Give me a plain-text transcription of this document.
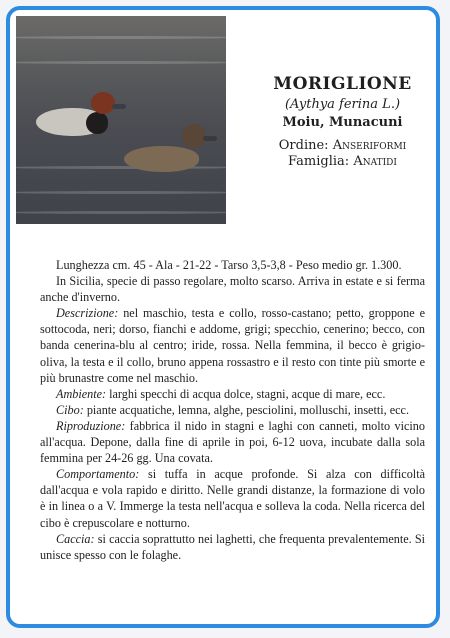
MORIGLIONE
(Aythya ferina L.)
Moiu, Munacuni
Ordine: Anseriformi
Famiglia: Anatidi

Lunghezza cm. 45 - Ala - 21-22 - Tarso 3,5-3,8 - Peso medio gr. 1.300.

In Sicilia, specie di passo regolare, molto scarso. Arriva in estate e si ferma anche d'inverno.

Descrizione: nel maschio, testa e collo, rosso-castano; petto, groppone e sottocoda, neri; dorso, fianchi e addome, grigi; specchio, cenerino; becco, con banda cenerina-blu al centro; iride, rossa. Nella femmina, il becco è grigio-oliva, la testa e il collo, bruno appena rossastro e il resto con tinte più smorte e più brunastre come nel maschio.

Ambiente: larghi specchi di acqua dolce, stagni, acque di mare, ecc.

Cibo: piante acquatiche, lemna, alghe, pesciolini, molluschi, insetti, ecc.

Riproduzione: fabbrica il nido in stagni e laghi con canneti, molto vicino all'acqua. Depone, dalla fine di aprile in poi, 6-12 uova, incubate dalla sola femmina per 24-26 gg. Una covata.

Comportamento: si tuffa in acque profonde. Si alza con difficoltà dall'acqua e vola rapido e diritto. Nelle grandi distanze, la formazione di volo è in linea o a V. Immerge la testa nell'acqua e solleva la coda. Nella ricerca del cibo è crepuscolare e notturno.

Caccia: si caccia soprattutto nei laghetti, che frequenta prevalentemente. Si unisce spesso con le folaghe.
